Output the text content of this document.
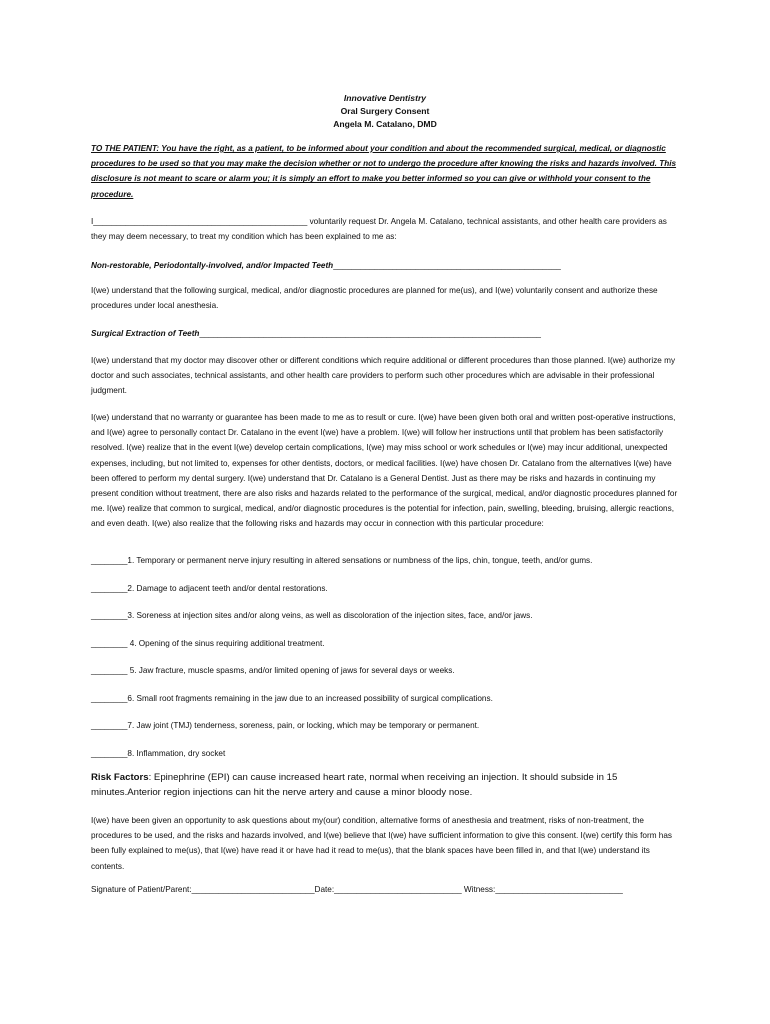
Innovative Dentistry
Oral Surgery Consent
Angela M. Catalano, DMD
TO THE PATIENT: You have the right, as a patient, to be informed about your condition and about the recommended surgical, medical, or diagnostic procedures to be used so that you may make the decision whether or not to undergo the procedure after knowing the risks and hazards involved. This disclosure is not meant to scare or alarm you; it is simply an effort to make you better informed so you can give or withhold your consent to the procedure.
I_______________________________________________ voluntarily request Dr. Angela M. Catalano, technical assistants, and other health care providers as they may deem necessary, to treat my condition which has been explained to me as:
Non-restorable, Periodontally-involved, and/or Impacted Teeth__________________________________________________
I(we) understand that the following surgical, medical, and/or diagnostic procedures are planned for me(us), and I(we) voluntarily consent and authorize these procedures under local anesthesia.
Surgical Extraction of Teeth___________________________________________________________________________
I(we) understand that my doctor may discover other or different conditions which require additional or different procedures than those planned. I(we) authorize my doctor and such associates, technical assistants, and other health care providers to perform such other procedures which are advisable in their professional judgment.
I(we) understand that no warranty or guarantee has been made to me as to result or cure. I(we) have been given both oral and written post-operative instructions, and I(we) agree to personally contact Dr. Catalano in the event I(we) have a problem. I(we) will follow her instructions until that problem has been satisfactorily resolved. I(we) realize that in the event I(we) develop certain complications, I(we) may miss school or work schedules or I(we) may incur additional, unexpected expenses, including, but not limited to, expenses for other dentists, doctors, or medical facilities. I(we) have chosen Dr. Catalano from the alternatives I(we) have been offered to perform my dental surgery. I(we) understand that Dr. Catalano is a General Dentist. Just as there may be risks and hazards in continuing my present condition without treatment, there are also risks and hazards related to the performance of the surgical, medical, and/or diagnostic procedures planned for me. I(we) realize that common to surgical, medical, and/or diagnostic procedures is the potential for infection, pain, swelling, bleeding, bruising, allergic reactions, and even death. I(we) also realize that the following risks and hazards may occur in connection with this particular procedure:
________1. Temporary or permanent nerve injury resulting in altered sensations or numbness of the lips, chin, tongue, teeth, and/or gums.
________2. Damage to adjacent teeth and/or dental restorations.
________3. Soreness at injection sites and/or along veins, as well as discoloration of the injection sites, face, and/or jaws.
________ 4. Opening of the sinus requiring additional treatment.
________ 5. Jaw fracture, muscle spasms, and/or limited opening of jaws for several days or weeks.
________6. Small root fragments remaining in the jaw due to an increased possibility of surgical complications.
________7. Jaw joint (TMJ) tenderness, soreness, pain, or locking, which may be temporary or permanent.
________8. Inflammation, dry socket
Risk Factors: Epinephrine (EPI) can cause increased heart rate, normal when receiving an injection. It should subside in 15 minutes.Anterior region injections can hit the nerve artery and cause a minor bloody nose.
I(we) have been given an opportunity to ask questions about my(our) condition, alternative forms of anesthesia and treatment, risks of non-treatment, the procedures to be used, and the risks and hazards involved, and I(we) believe that I(we) have sufficient information to give this consent. I(we) certify this form has been fully explained to me(us), that I(we) have read it or have had it read to me(us), that the blank spaces have been filled in, and that I(we) understand its contents.
Signature of Patient/Parent:___________________________Date:____________________________ Witness:____________________________
